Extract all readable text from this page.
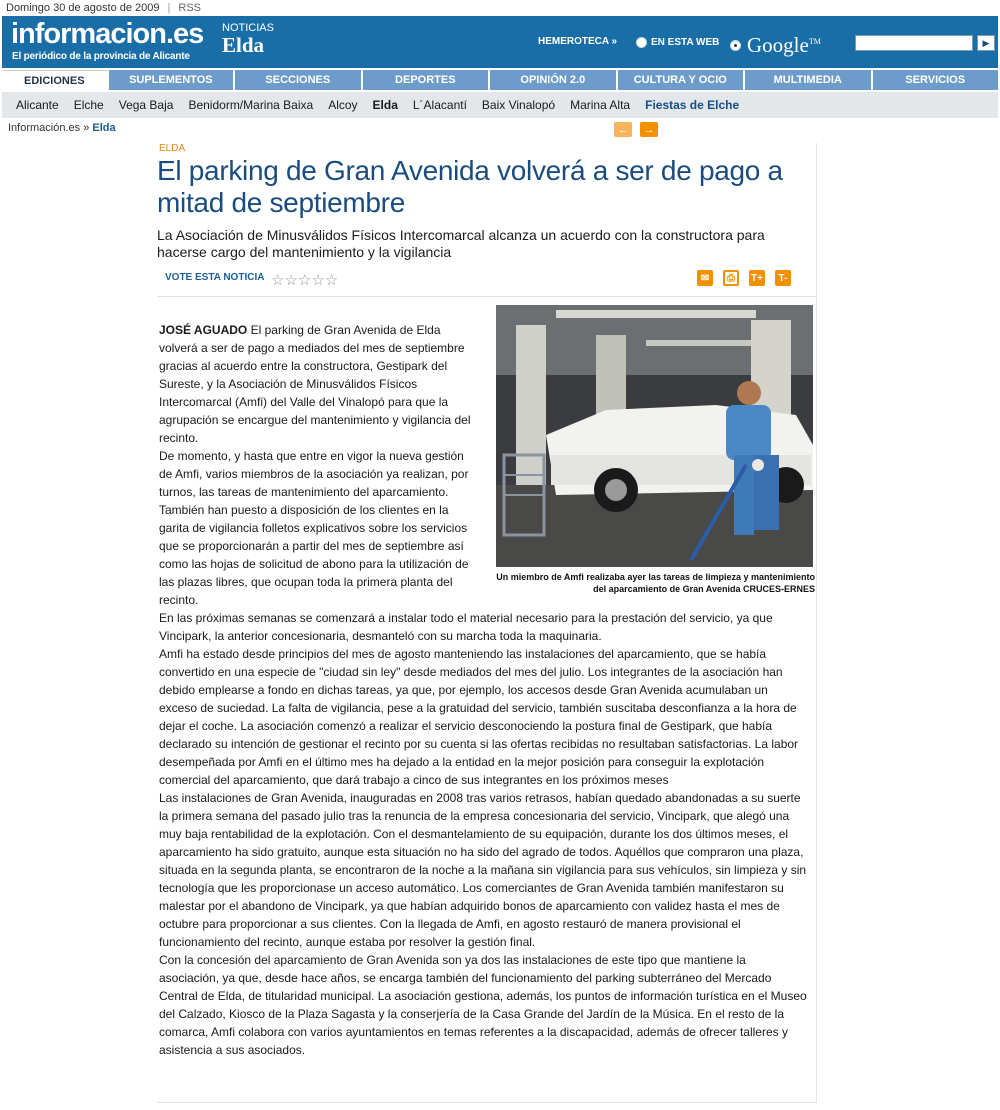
Domingo 30 de agosto de 2009 | RSS
informacion.es
El periódico de la provincia de Alicante
NOTICIAS
Elda	HEMEROTECA »	EN ESTA WEB Google™	▶
EDICIONES	SUPLEMENTOS	SECCIONES	DEPORTES	OPINIÓN 2.0	CULTURA Y OCIO	MULTIMEDIA	SERVICIOS
Alicante Elche Vega Baja Benidorm/Marina Baixa Alcoy Elda L´Alacantí Baix Vinalopó Marina Alta Fiestas de Elche
Información.es » Elda	←	→
ELDA
El parking de Gran Avenida volverá a ser de pago a mitad de septiembre
La Asociación de Minusválidos Físicos Intercomarcal alcanza un acuerdo con la constructora para hacerse cargo del mantenimiento y la vigilancia
VOTE ESTA NOTICIA ☆ ☆ ☆ ☆ ☆	✉	⎙	T+	T-
Un miembro de Amfi realizaba ayer las tareas de limpieza y mantenimiento del aparcamiento de Gran Avenida CRUCES-ERNES

JOSÉ AGUADO El parking de Gran Avenida de Elda volverá a ser de pago a mediados del mes de septiembre gracias al acuerdo entre la constructora, Gestipark del Sureste, y la Asociación de Minusválidos Físicos Intercomarcal (Amfi) del Valle del Vinalopó para que la agrupación se encargue del mantenimiento y vigilancia del recinto.

De momento, y hasta que entre en vigor la nueva gestión de Amfi, varios miembros de la asociación ya realizan, por turnos, las tareas de mantenimiento del aparcamiento. También han puesto a disposición de los clientes en la garita de vigilancia folletos explicativos sobre los servicios que se proporcionarán a partir del mes de septiembre así como las hojas de solicitud de abono para la utilización de las plazas libres, que ocupan toda la primera planta del recinto.

En las próximas semanas se comenzará a instalar todo el material necesario para la prestación del servicio, ya que Vincipark, la anterior concesionaria, desmanteló con su marcha toda la maquinaria.

Amfi ha estado desde principios del mes de agosto manteniendo las instalaciones del aparcamiento, que se había convertido en una especie de "ciudad sin ley" desde mediados del mes del julio. Los integrantes de la asociación han debido emplearse a fondo en dichas tareas, ya que, por ejemplo, los accesos desde Gran Avenida acumulaban un exceso de suciedad. La falta de vigilancia, pese a la gratuidad del servicio, también suscitaba desconfianza a la hora de dejar el coche. La asociación comenzó a realizar el servicio desconociendo la postura final de Gestipark, que había declarado su intención de gestionar el recinto por su cuenta si las ofertas recibidas no resultaban satisfactorias. La labor desempeñada por Amfi en el último mes ha dejado a la entidad en la mejor posición para conseguir la explotación comercial del aparcamiento, que dará trabajo a cinco de sus integrantes en los próximos meses

Las instalaciones de Gran Avenida, inauguradas en 2008 tras varios retrasos, habían quedado abandonadas a su suerte la primera semana del pasado julio tras la renuncia de la empresa concesionaria del servicio, Vincipark, que alegó una muy baja rentabilidad de la explotación. Con el desmantelamiento de su equipación, durante los dos últimos meses, el aparcamiento ha sido gratuito, aunque esta situación no ha sido del agrado de todos. Aquéllos que compraron una plaza, situada en la segunda planta, se encontraron de la noche a la mañana sin vigilancia para sus vehículos, sin limpieza y sin tecnología que les proporcionase un acceso automático. Los comerciantes de Gran Avenida también manifestaron su malestar por el abandono de Vincipark, ya que habían adquirido bonos de aparcamiento con validez hasta el mes de octubre para proporcionar a sus clientes. Con la llegada de Amfi, en agosto restauró de manera provisional el funcionamiento del recinto, aunque estaba por resolver la gestión final.

Con la concesión del aparcamiento de Gran Avenida son ya dos las instalaciones de este tipo que mantiene la asociación, ya que, desde hace años, se encarga también del funcionamiento del parking subterráneo del Mercado Central de Elda, de titularidad municipal. La asociación gestiona, además, los puntos de información turística en el Museo del Calzado, Kiosco de la Plaza Sagasta y la conserjería de la Casa Grande del Jardín de la Música. En el resto de la comarca, Amfi colabora con varios ayuntamientos en temas referentes a la discapacidad, además de ofrecer talleres y asistencia a sus asociados.
